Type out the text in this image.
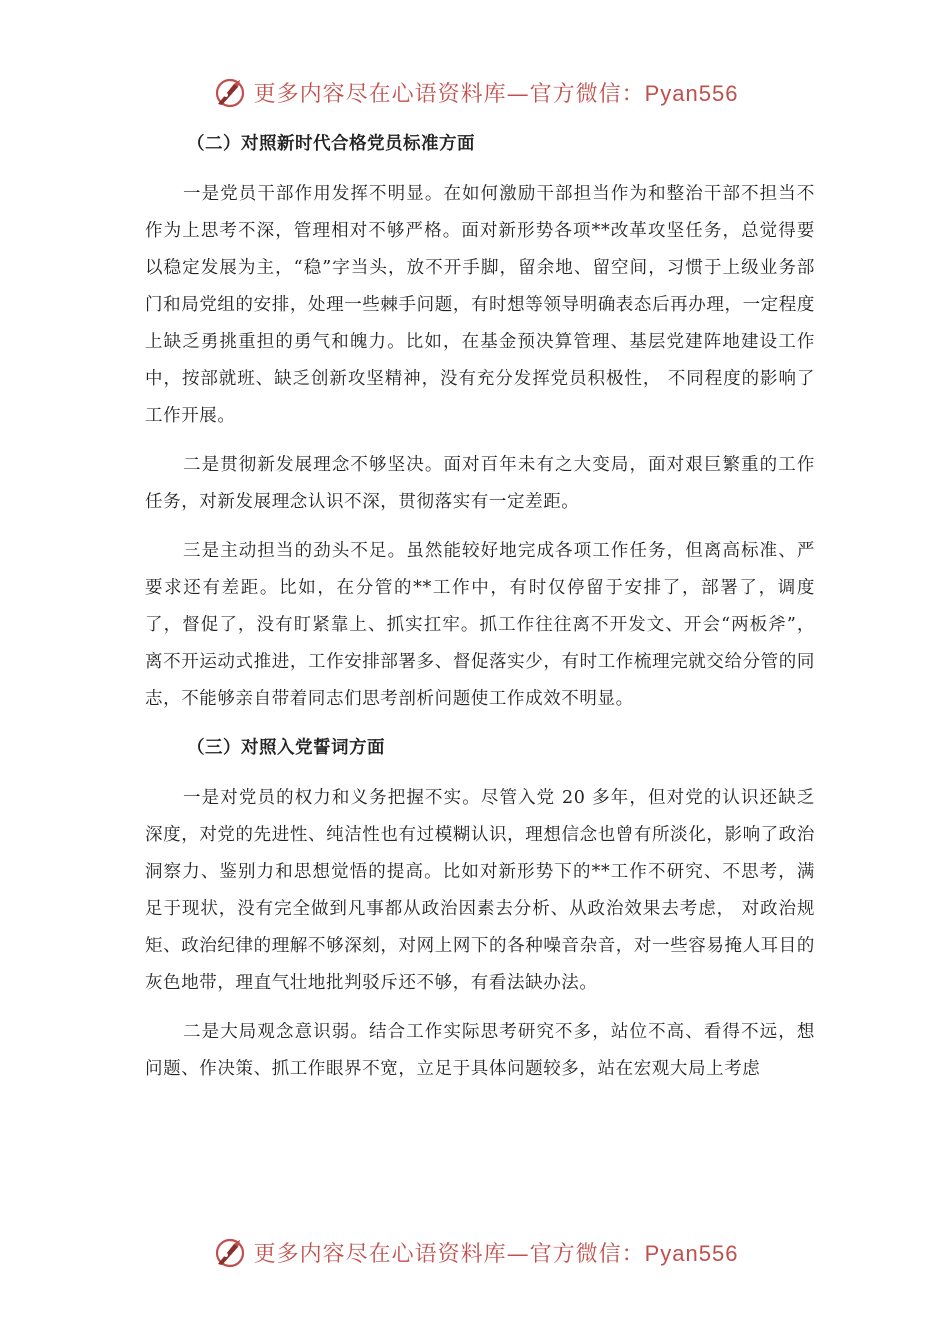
更多内容尽在心语资料库—官方微信：Pyan556
（二）对照新时代合格党员标准方面

一是党员干部作用发挥不明显。在如何激励干部担当作为和整治干部不担当不作为上思考不深，管理相对不够严格。面对新形势各项**改革攻坚任务，总觉得要以稳定发展为主，“稳”字当头，放不开手脚，留余地、留空间，习惯于上级业务部门和局党组的安排，处理一些棘手问题，有时想等领导明确表态后再办理，一定程度上缺乏勇挑重担的勇气和魄力。比如，在基金预决算管理、基层党建阵地建设工作中，按部就班、缺乏创新攻坚精神，没有充分发挥党员积极性， 不同程度的影响了工作开展。

二是贯彻新发展理念不够坚决。面对百年未有之大变局，面对艰巨繁重的工作任务，对新发展理念认识不深，贯彻落实有一定差距。

三是主动担当的劲头不足。虽然能较好地完成各项工作任务，但离高标准、严要求还有差距。比如，在分管的**工作中，有时仅停留于安排了，部署了，调度了，督促了，没有盯紧靠上、抓实扛牢。抓工作往往离不开发文、开会“两板斧”，离不开运动式推进，工作安排部署多、督促落实少，有时工作梳理完就交给分管的同志，不能够亲自带着同志们思考剖析问题使工作成效不明显。

（三）对照入党誓词方面

一是对党员的权力和义务把握不实。尽管入党 20 多年，但对党的认识还缺乏深度，对党的先进性、纯洁性也有过模糊认识，理想信念也曾有所淡化，影响了政治洞察力、鉴别力和思想觉悟的提高。比如对新形势下的**工作不研究、不思考，满足于现状，没有完全做到凡事都从政治因素去分析、从政治效果去考虑， 对政治规矩、政治纪律的理解不够深刻，对网上网下的各种噪音杂音，对一些容易掩人耳目的灰色地带，理直气壮地批判驳斥还不够，有看法缺办法。

二是大局观念意识弱。结合工作实际思考研究不多，站位不高、看得不远，想问题、作决策、抓工作眼界不宽，立足于具体问题较多，站在宏观大局上考虑

更多内容尽在心语资料库—官方微信：Pyan556
